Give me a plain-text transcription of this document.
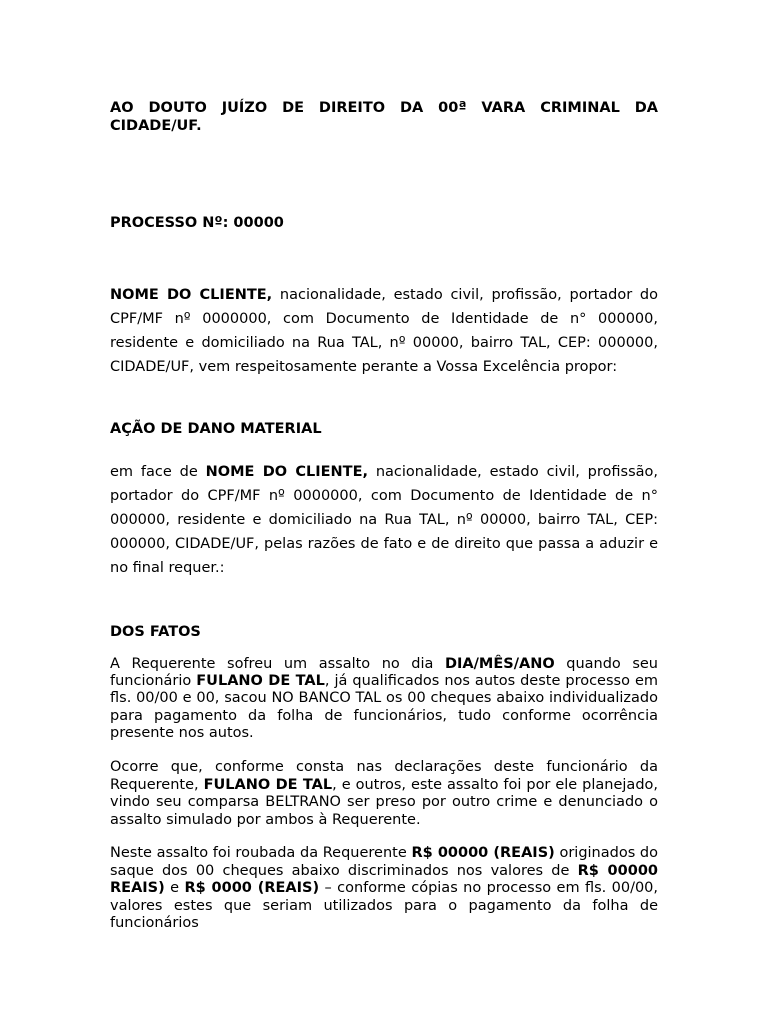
AO DOUTO JUÍZO DE DIREITO DA 00ª VARA CRIMINAL DA CIDADE/UF.

PROCESSO Nº: 00000

NOME DO CLIENTE, nacionalidade, estado civil, profissão, portador do CPF/MF nº 0000000, com Documento de Identidade de n° 000000, residente e domiciliado na Rua TAL, nº 00000, bairro TAL, CEP: 000000, CIDADE/UF, vem respeitosamente perante a Vossa Excelência propor:

AÇÃO DE DANO MATERIAL

em face de NOME DO CLIENTE, nacionalidade, estado civil, profissão, portador do CPF/MF nº 0000000, com Documento de Identidade de n° 000000, residente e domiciliado na Rua TAL, nº 00000, bairro TAL, CEP: 000000, CIDADE/UF, pelas razões de fato e de direito que passa a aduzir e no final requer.:

DOS FATOS

A Requerente sofreu um assalto no dia DIA/MÊS/ANO quando seu funcionário FULANO DE TAL, já qualificados nos autos deste processo em fls. 00/00 e 00, sacou NO BANCO TAL os 00 cheques abaixo individualizado para pagamento da folha de funcionários, tudo conforme ocorrência presente nos autos.

Ocorre que, conforme consta nas declarações deste funcionário da Requerente, FULANO DE TAL, e outros, este assalto foi por ele planejado, vindo seu comparsa BELTRANO ser preso por outro crime e denunciado o assalto simulado por ambos à Requerente.

Neste assalto foi roubada da Requerente R$ 00000 (REAIS) originados do saque dos 00 cheques abaixo discriminados nos valores de R$ 00000 REAIS) e R$ 0000 (REAIS) – conforme cópias no processo em fls. 00/00, valores estes que seriam utilizados para o pagamento da folha de funcionários
